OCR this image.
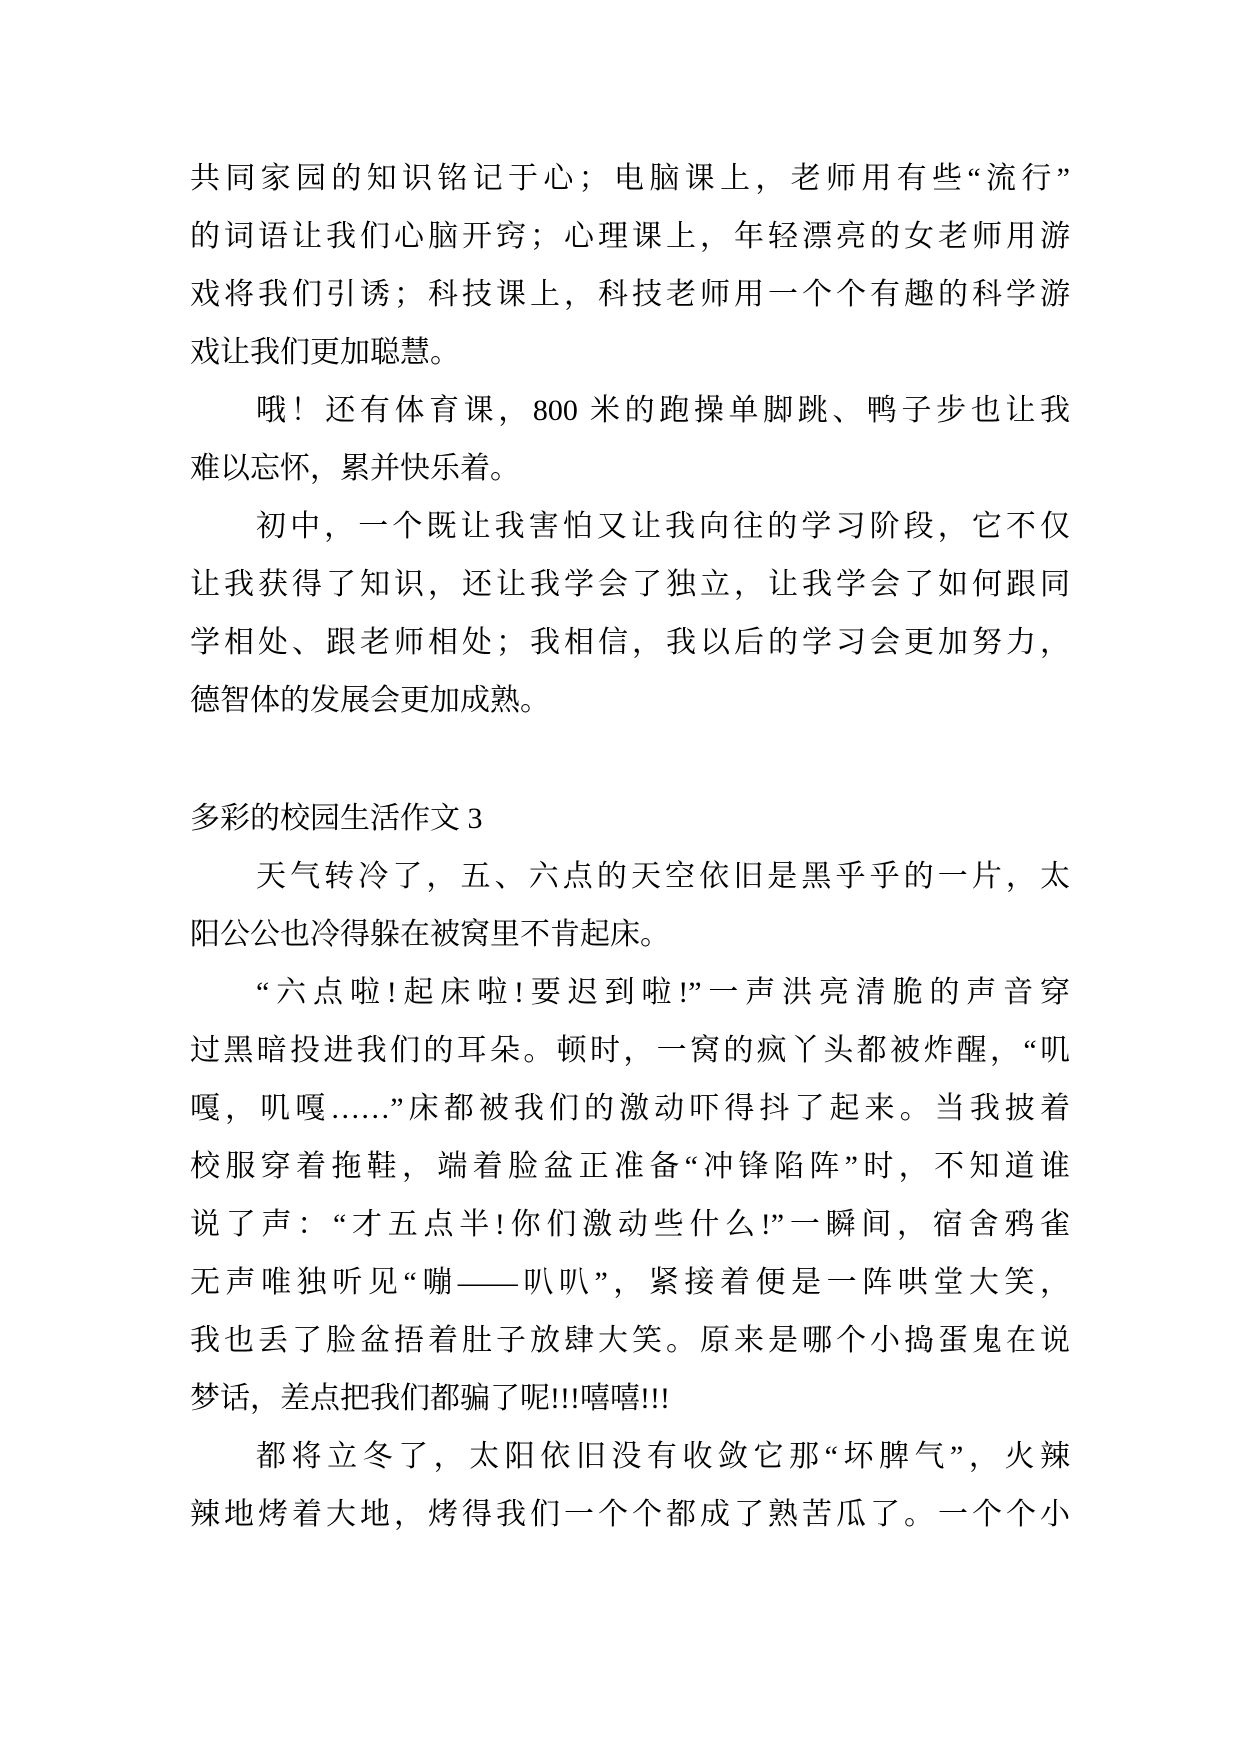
共同家园的知识铭记于心；电脑课上，老师用有些“流行”
的词语让我们心脑开窍；心理课上，年轻漂亮的女老师用游
戏将我们引诱；科技课上，科技老师用一个个有趣的科学游
戏让我们更加聪慧。
哦！还有体育课，800 米的跑操单脚跳、鸭子步也让我
难以忘怀，累并快乐着。
初中，一个既让我害怕又让我向往的学习阶段，它不仅
让我获得了知识，还让我学会了独立，让我学会了如何跟同
学相处、跟老师相处；我相信，我以后的学习会更加努力，
德智体的发展会更加成熟。
多彩的校园生活作文 3
天气转冷了，五、六点的天空依旧是黑乎乎的一片，太
阳公公也冷得躲在被窝里不肯起床。
“六点啦!起床啦!要迟到啦!”一声洪亮清脆的声音穿
过黑暗投进我们的耳朵。顿时，一窝的疯丫头都被炸醒，“叽
嘎，叽嘎……”床都被我们的激动吓得抖了起来。当我披着
校服穿着拖鞋，端着脸盆正准备“冲锋陷阵”时，不知道谁
说了声：“才五点半!你们激动些什么!”一瞬间，宿舍鸦雀
无声唯独听见“嘣——叭叭”，紧接着便是一阵哄堂大笑，
我也丢了脸盆捂着肚子放肆大笑。原来是哪个小捣蛋鬼在说
梦话，差点把我们都骗了呢!!!嘻嘻!!!
都将立冬了，太阳依旧没有收敛它那“坏脾气”，火辣
辣地烤着大地，烤得我们一个个都成了熟苦瓜了。一个个小
